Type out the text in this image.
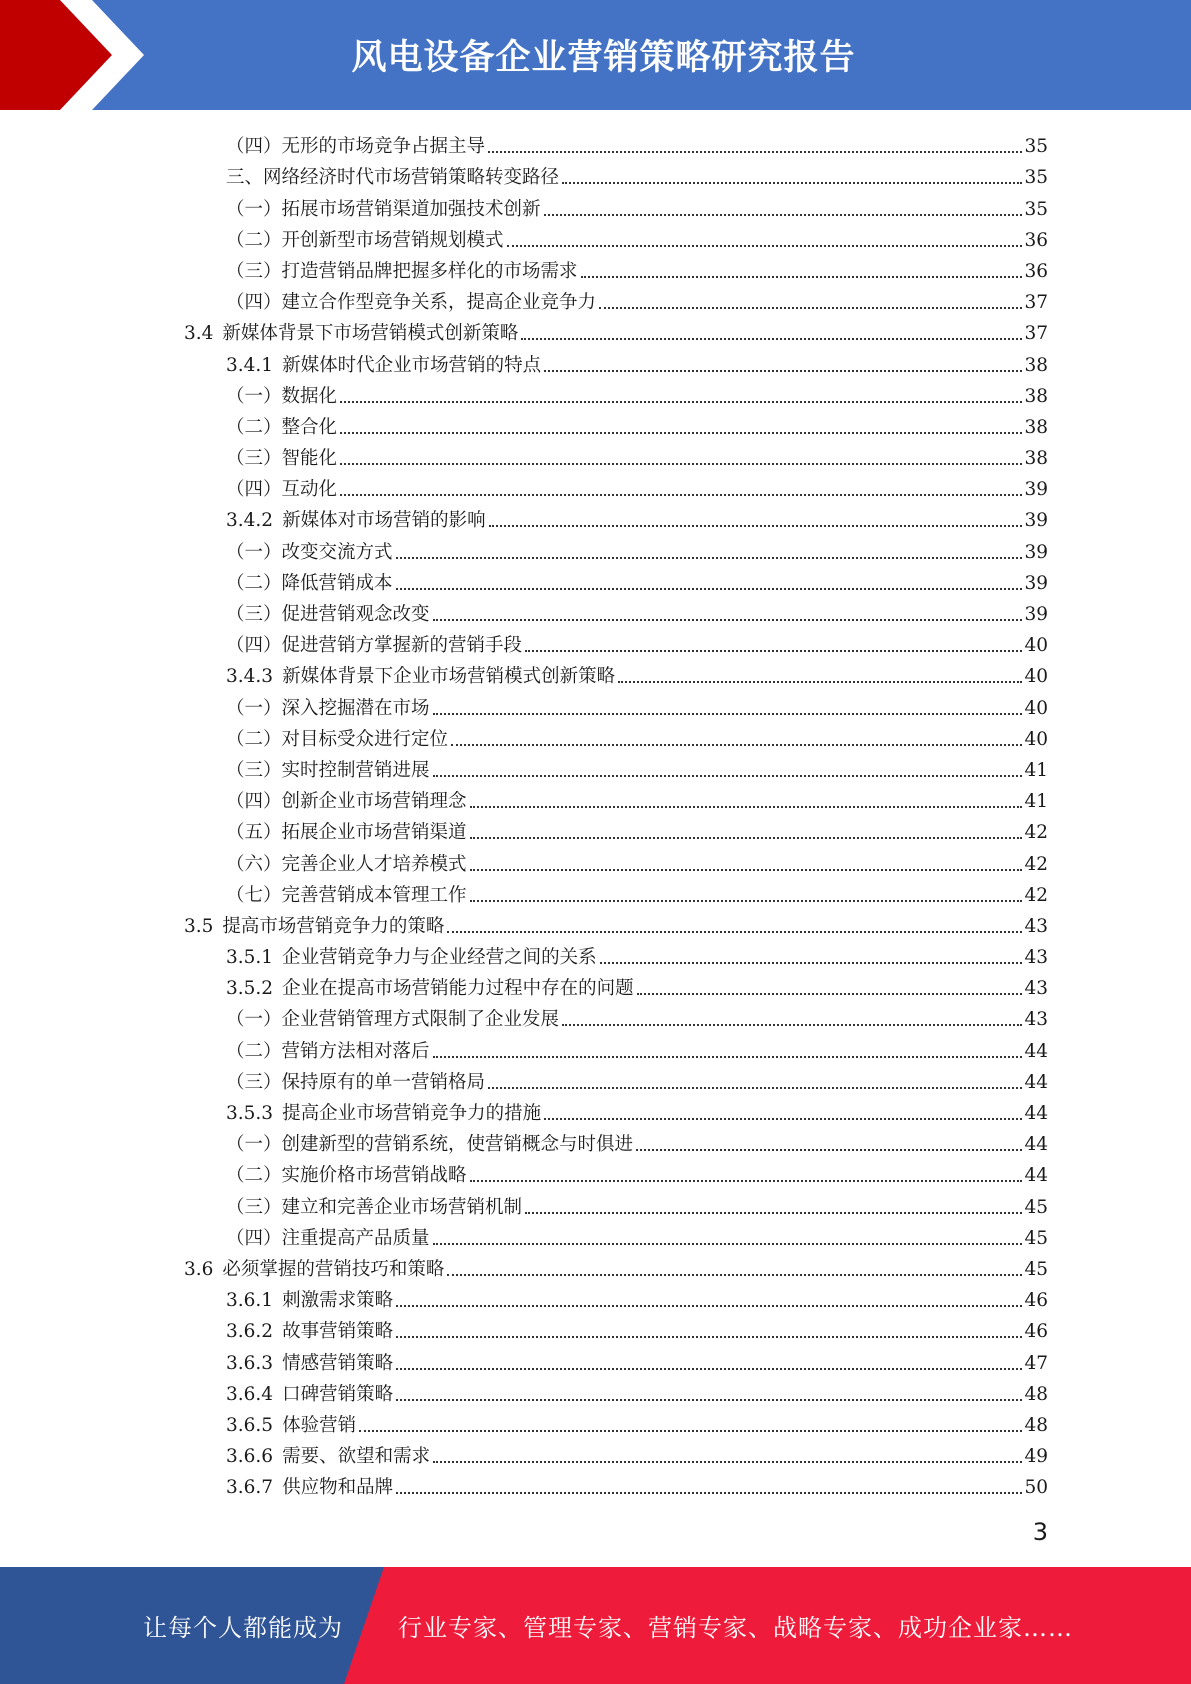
风电设备企业营销策略研究报告
（四）无形的市场竞争占据主导	35
三、网络经济时代市场营销策略转变路径	35
（一）拓展市场营销渠道加强技术创新	35
（二）开创新型市场营销规划模式	36
（三）打造营销品牌把握多样化的市场需求	36
（四）建立合作型竞争关系，提高企业竞争力	37
3.4 新媒体背景下市场营销模式创新策略	37
3.4.1 新媒体时代企业市场营销的特点	38
（一）数据化	38
（二）整合化	38
（三）智能化	38
（四）互动化	39
3.4.2 新媒体对市场营销的影响	39
（一）改变交流方式	39
（二）降低营销成本	39
（三）促进营销观念改变	39
（四）促进营销方掌握新的营销手段	40
3.4.3 新媒体背景下企业市场营销模式创新策略	40
（一）深入挖掘潜在市场	40
（二）对目标受众进行定位	40
（三）实时控制营销进展	41
（四）创新企业市场营销理念	41
（五）拓展企业市场营销渠道	42
（六）完善企业人才培养模式	42
（七）完善营销成本管理工作	42
3.5 提高市场营销竞争力的策略	43
3.5.1 企业营销竞争力与企业经营之间的关系	43
3.5.2 企业在提高市场营销能力过程中存在的问题	43
（一）企业营销管理方式限制了企业发展	43
（二）营销方法相对落后	44
（三）保持原有的单一营销格局	44
3.5.3 提高企业市场营销竞争力的措施	44
（一）创建新型的营销系统，使营销概念与时俱进	44
（二）实施价格市场营销战略	44
（三）建立和完善企业市场营销机制	45
（四）注重提高产品质量	45
3.6 必须掌握的营销技巧和策略	45
3.6.1 刺激需求策略	46
3.6.2 故事营销策略	46
3.6.3 情感营销策略	47
3.6.4 口碑营销策略	48
3.6.5 体验营销	48
3.6.6 需要、欲望和需求	49
3.6.7 供应物和品牌	50
3
让每个人都能成为 行业专家、管理专家、营销专家、战略专家、成功企业家……
